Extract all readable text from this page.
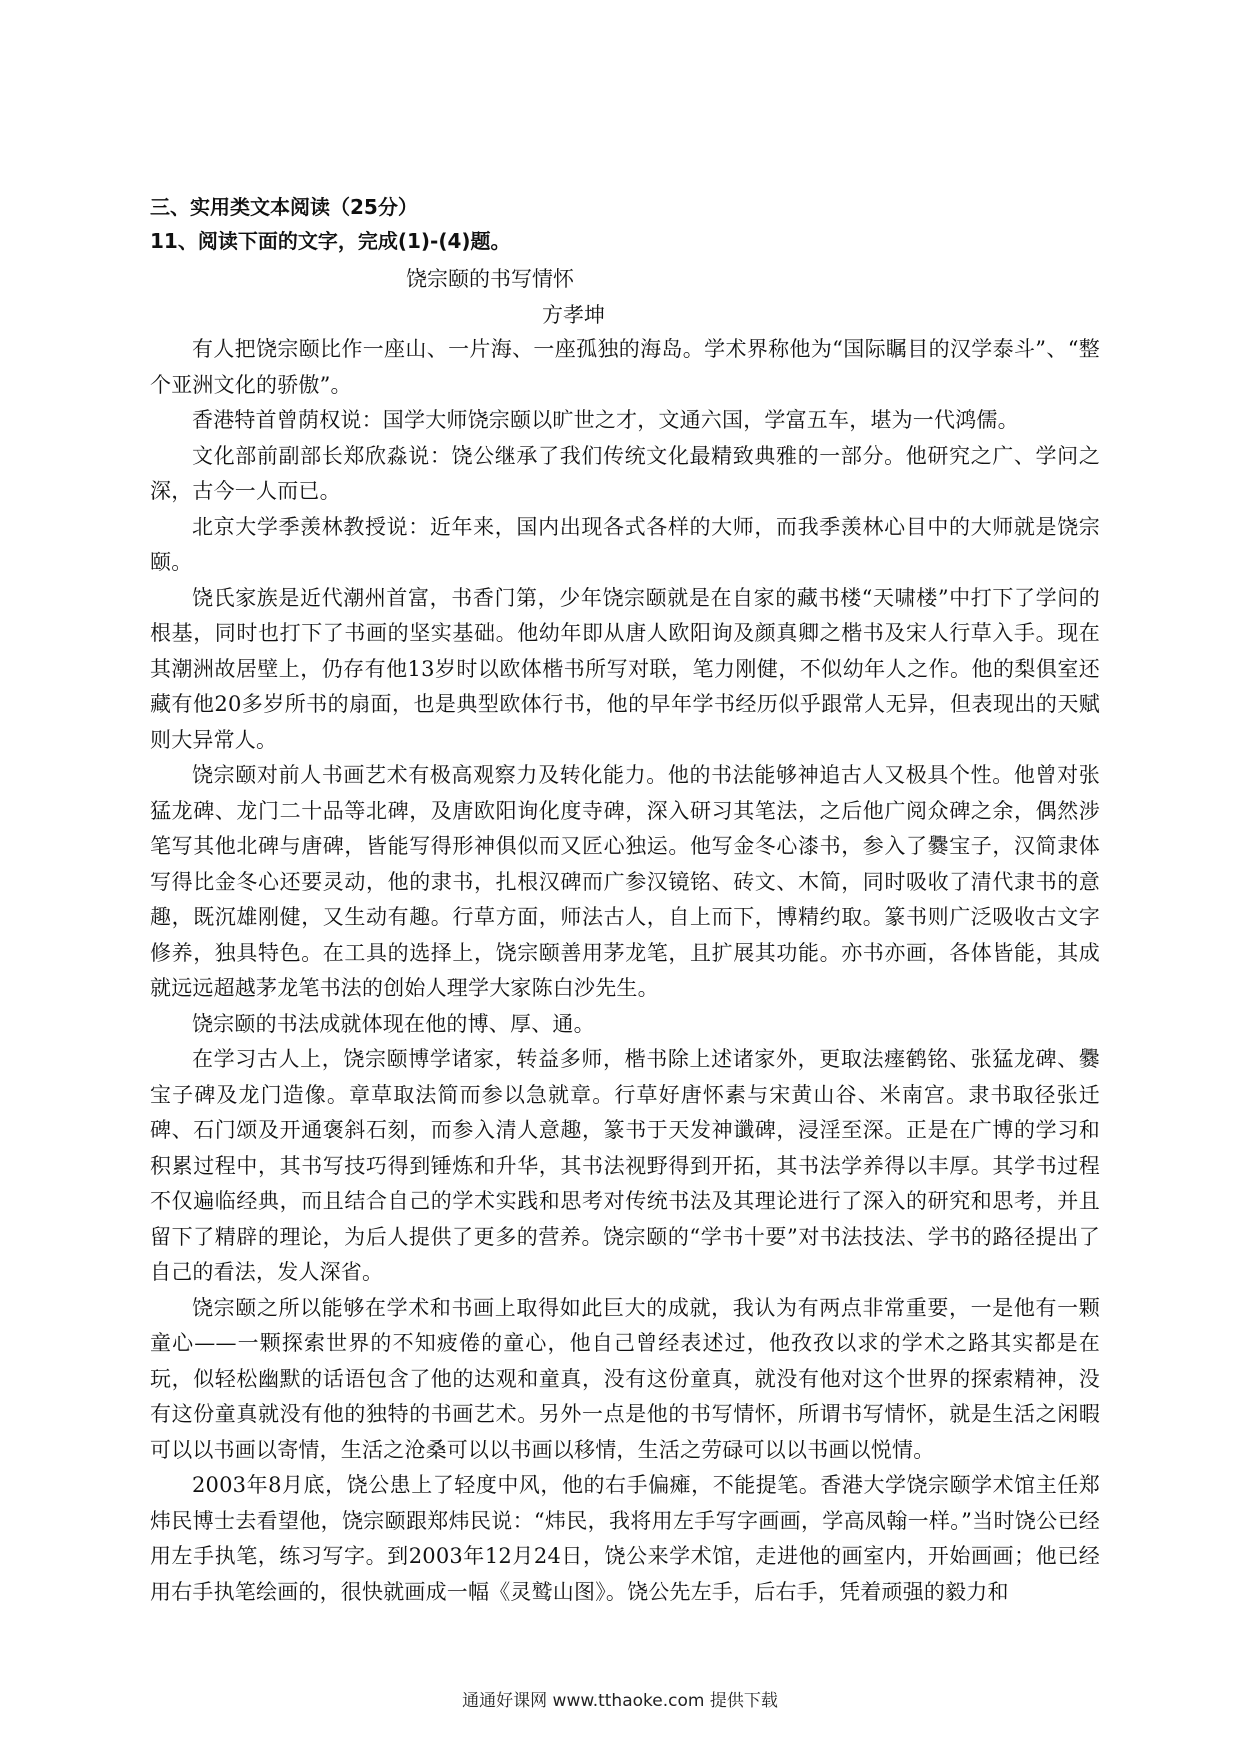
三、实用类文本阅读（25分）

11、阅读下面的文字，完成(1)-(4)题。

饶宗颐的书写情怀
方孝坤

有人把饶宗颐比作一座山、一片海、一座孤独的海岛。学术界称他为“国际瞩目的汉学泰斗”、“整个亚洲文化的骄傲”。

香港特首曾荫权说：国学大师饶宗颐以旷世之才，文通六国，学富五车，堪为一代鸿儒。

文化部前副部长郑欣淼说：饶公继承了我们传统文化最精致典雅的一部分。他研究之广、学问之深，古今一人而已。

北京大学季羡林教授说：近年来，国内出现各式各样的大师，而我季羡林心目中的大师就是饶宗颐。

饶氏家族是近代潮州首富，书香门第，少年饶宗颐就是在自家的藏书楼“天啸楼”中打下了学问的根基，同时也打下了书画的坚实基础。他幼年即从唐人欧阳询及颜真卿之楷书及宋人行草入手。现在其潮洲故居壁上，仍存有他13岁时以欧体楷书所写对联，笔力刚健，不似幼年人之作。他的梨俱室还藏有他20多岁所书的扇面，也是典型欧体行书，他的早年学书经历似乎跟常人无异，但表现出的天赋则大异常人。

饶宗颐对前人书画艺术有极高观察力及转化能力。他的书法能够神追古人又极具个性。他曾对张猛龙碑、龙门二十品等北碑，及唐欧阳询化度寺碑，深入研习其笔法，之后他广阅众碑之余，偶然涉笔写其他北碑与唐碑，皆能写得形神俱似而又匠心独运。他写金冬心漆书，参入了爨宝子，汉简隶体写得比金冬心还要灵动，他的隶书，扎根汉碑而广参汉镜铭、砖文、木简，同时吸收了清代隶书的意趣，既沉雄刚健，又生动有趣。行草方面，师法古人，自上而下，博精约取。篆书则广泛吸收古文字修养，独具特色。在工具的选择上，饶宗颐善用茅龙笔，且扩展其功能。亦书亦画，各体皆能，其成就远远超越茅龙笔书法的创始人理学大家陈白沙先生。

饶宗颐的书法成就体现在他的博、厚、通。

在学习古人上，饶宗颐博学诸家，转益多师，楷书除上述诸家外，更取法瘗鹤铭、张猛龙碑、爨宝子碑及龙门造像。章草取法简而参以急就章。行草好唐怀素与宋黄山谷、米南宫。隶书取径张迁碑、石门颂及开通褒斜石刻，而参入清人意趣，篆书于天发神谶碑，浸淫至深。正是在广博的学习和积累过程中，其书写技巧得到锤炼和升华，其书法视野得到开拓，其书法学养得以丰厚。其学书过程不仅遍临经典，而且结合自己的学术实践和思考对传统书法及其理论进行了深入的研究和思考，并且留下了精辟的理论，为后人提供了更多的营养。饶宗颐的“学书十要”对书法技法、学书的路径提出了自己的看法，发人深省。

饶宗颐之所以能够在学术和书画上取得如此巨大的成就，我认为有两点非常重要，一是他有一颗童心——一颗探索世界的不知疲倦的童心，他自己曾经表述过，他孜孜以求的学术之路其实都是在玩，似轻松幽默的话语包含了他的达观和童真，没有这份童真，就没有他对这个世界的探索精神，没有这份童真就没有他的独特的书画艺术。另外一点是他的书写情怀，所谓书写情怀，就是生活之闲暇可以以书画以寄情，生活之沧桑可以以书画以移情，生活之劳碌可以以书画以悦情。

2003年8月底，饶公患上了轻度中风，他的右手偏瘫，不能提笔。香港大学饶宗颐学术馆主任郑炜民博士去看望他，饶宗颐跟郑炜民说：“炜民，我将用左手写字画画，学高凤翰一样。”当时饶公已经用左手执笔，练习写字。到2003年12月24日，饶公来学术馆，走进他的画室内，开始画画；他已经用右手执笔绘画的，很快就画成一幅《灵鹫山图》。饶公先左手，后右手，凭着顽强的毅力和

通通好课网 www.tthaoke.com 提供下载
